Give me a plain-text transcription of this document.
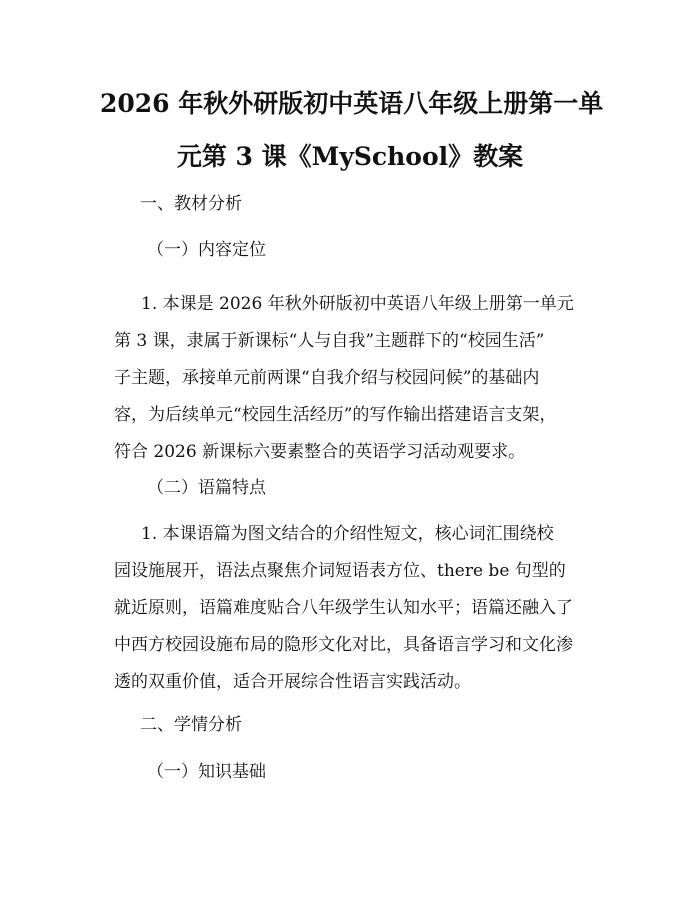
2026 年秋外研版初中英语八年级上册第一单
元第 3 课《MySchool》教案

一、教材分析

（一）内容定位

1. 本课是 2026 年秋外研版初中英语八年级上册第一单元
第 3 课，隶属于新课标“人与自我”主题群下的“校园生活”
子主题，承接单元前两课“自我介绍与校园问候”的基础内
容，为后续单元“校园生活经历”的写作输出搭建语言支架，
符合 2026 新课标六要素整合的英语学习活动观要求。

（二）语篇特点

1. 本课语篇为图文结合的介绍性短文，核心词汇围绕校
园设施展开，语法点聚焦介词短语表方位、there be 句型的
就近原则，语篇难度贴合八年级学生认知水平；语篇还融入了
中西方校园设施布局的隐形文化对比，具备语言学习和文化渗
透的双重价值，适合开展综合性语言实践活动。

二、学情分析

（一）知识基础
